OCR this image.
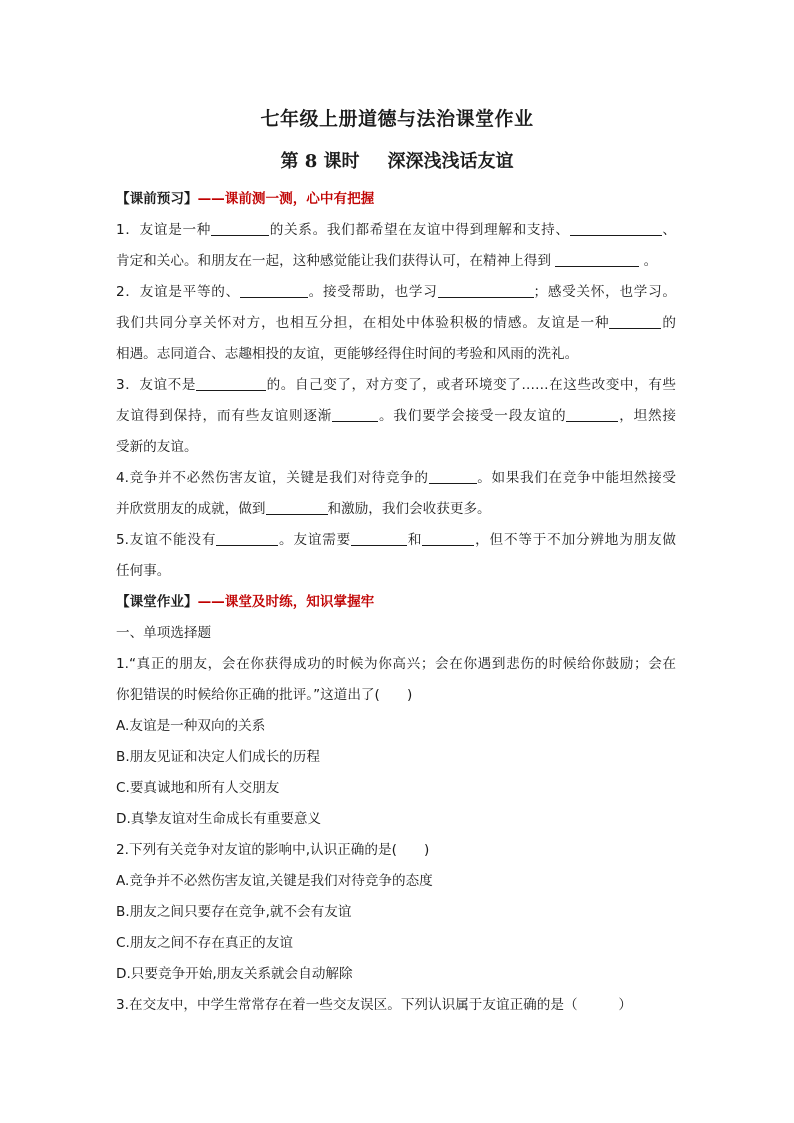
七年级上册道德与法治课堂作业
第 8 课时 深深浅浅话友谊
【课前预习】——课前测一测，心中有把握
1．友谊是一种	的关系。我们都希望在友谊中得到理解和支持、	、
肯定和关心。和朋友在一起，这种感觉能让我们获得认可，在精神上得到	。
2．友谊是平等的、	。接受帮助，也学习	；感受关怀，也学习。
我们共同分享关怀对方，也相互分担，在相处中体验积极的情感。友谊是一种	的
相遇。志同道合、志趣相投的友谊，更能够经得住时间的考验和风雨的洗礼。
3．友谊不是	的。自己变了，对方变了，或者环境变了……在这些改变中，有些
友谊得到保持，而有些友谊则逐渐	。我们要学会接受一段友谊的	，坦然接
受新的友谊。
4.竞争并不必然伤害友谊，关键是我们对待竞争的	。如果我们在竞争中能坦然接受
并欣赏朋友的成就，做到	和激励，我们会收获更多。
5.友谊不能没有	。友谊需要	和	，但不等于不加分辨地为朋友做
任何事。
【课堂作业】——课堂及时练，知识掌握牢
一、单项选择题
1.“真正的朋友，会在你获得成功的时候为你高兴；会在你遇到悲伤的时候给你鼓励；会在
你犯错误的时候给你正确的批评。”这道出了(　　)
A.友谊是一种双向的关系
B.朋友见证和决定人们成长的历程
C.要真诚地和所有人交朋友
D.真挚友谊对生命成长有重要意义
2.下列有关竞争对友谊的影响中,认识正确的是(　　)
A.竞争并不必然伤害友谊,关键是我们对待竞争的态度
B.朋友之间只要存在竞争,就不会有友谊
C.朋友之间不存在真正的友谊
D.只要竞争开始,朋友关系就会自动解除
3.在交友中，中学生常常存在着一些交友误区。下列认识属于友谊正确的是（　　　）
